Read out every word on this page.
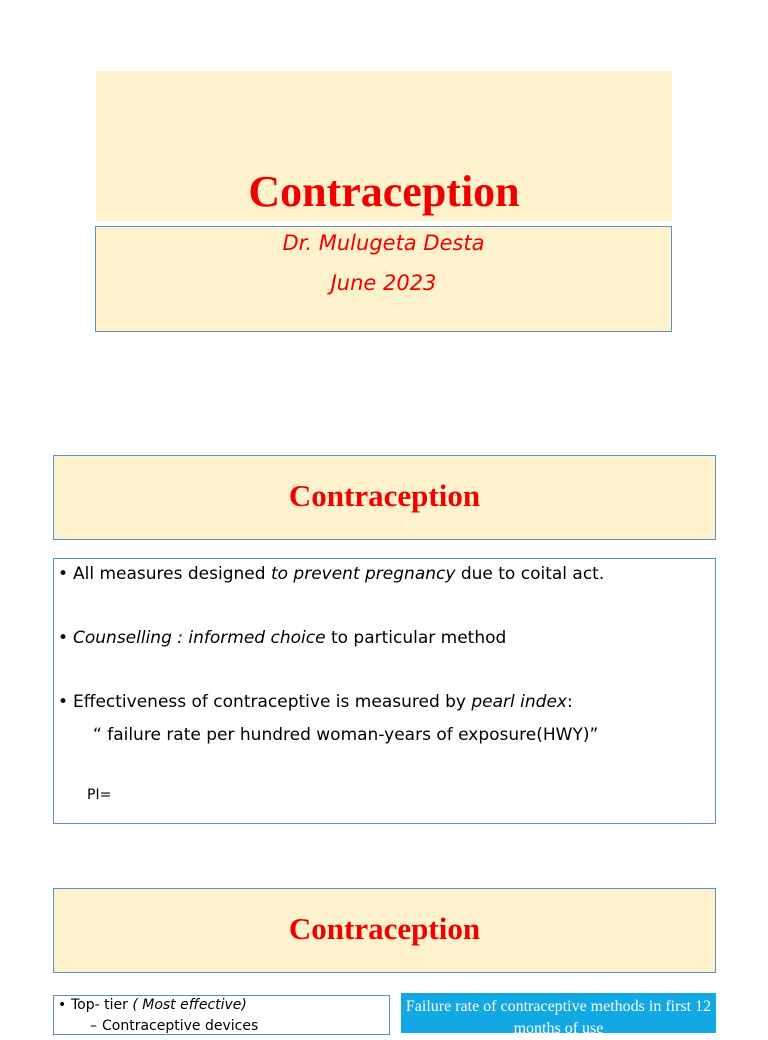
Contraception
Dr. Mulugeta Desta
June 2023
Contraception
• All measures designed to prevent pregnancy due to coital act.
• Counselling : informed choice to particular method
• Effectiveness of contraceptive is measured by pearl index:
“ failure rate per hundred woman-years of exposure(HWY)”
PI=
Contraception
• Top- tier ( Most effective)
– Contraceptive devices
Failure rate of contraceptive methods in first 12
months of use
